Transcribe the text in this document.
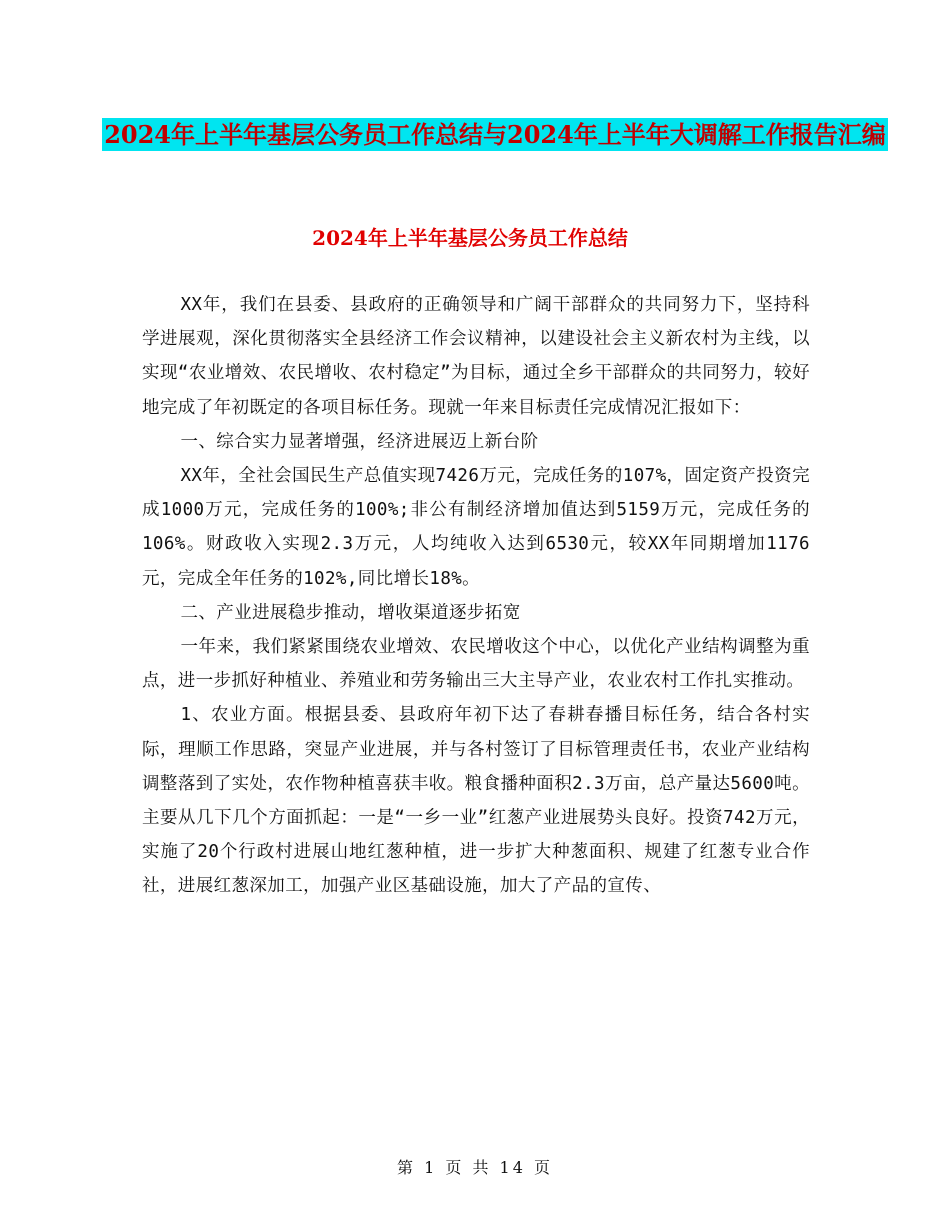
2024年上半年基层公务员工作总结与2024年上半年大调解工作报告汇编
2024年上半年基层公务员工作总结

XX年，我们在县委、县政府的正确领导和广阔干部群众的共同努力下，坚持科学进展观，深化贯彻落实全县经济工作会议精神，以建设社会主义新农村为主线，以实现“农业增效、农民增收、农村稳定”为目标，通过全乡干部群众的共同努力，较好地完成了年初既定的各项目标任务。现就一年来目标责任完成情况汇报如下：

一、综合实力显著增强，经济进展迈上新台阶

XX年，全社会国民生产总值实现7426万元，完成任务的107%，固定资产投资完成1000万元，完成任务的100%;非公有制经济增加值达到5159万元，完成任务的106%。财政收入实现2.3万元，人均纯收入达到6530元，较XX年同期增加1176元，完成全年任务的102%,同比增长18%。

二、产业进展稳步推动，增收渠道逐步拓宽

一年来，我们紧紧围绕农业增效、农民增收这个中心，以优化产业结构调整为重点，进一步抓好种植业、养殖业和劳务输出三大主导产业，农业农村工作扎实推动。

1、农业方面。根据县委、县政府年初下达了春耕春播目标任务，结合各村实际，理顺工作思路，突显产业进展，并与各村签订了目标管理责任书，农业产业结构调整落到了实处，农作物种植喜获丰收。粮食播种面积2.3万亩，总产量达5600吨。主要从几下几个方面抓起：一是“一乡一业”红葱产业进展势头良好。投资742万元，实施了20个行政村进展山地红葱种植，进一步扩大种葱面积、规建了红葱专业合作社，进展红葱深加工，加强产业区基础设施，加大了产品的宣传、

第 1 页 共 14 页
